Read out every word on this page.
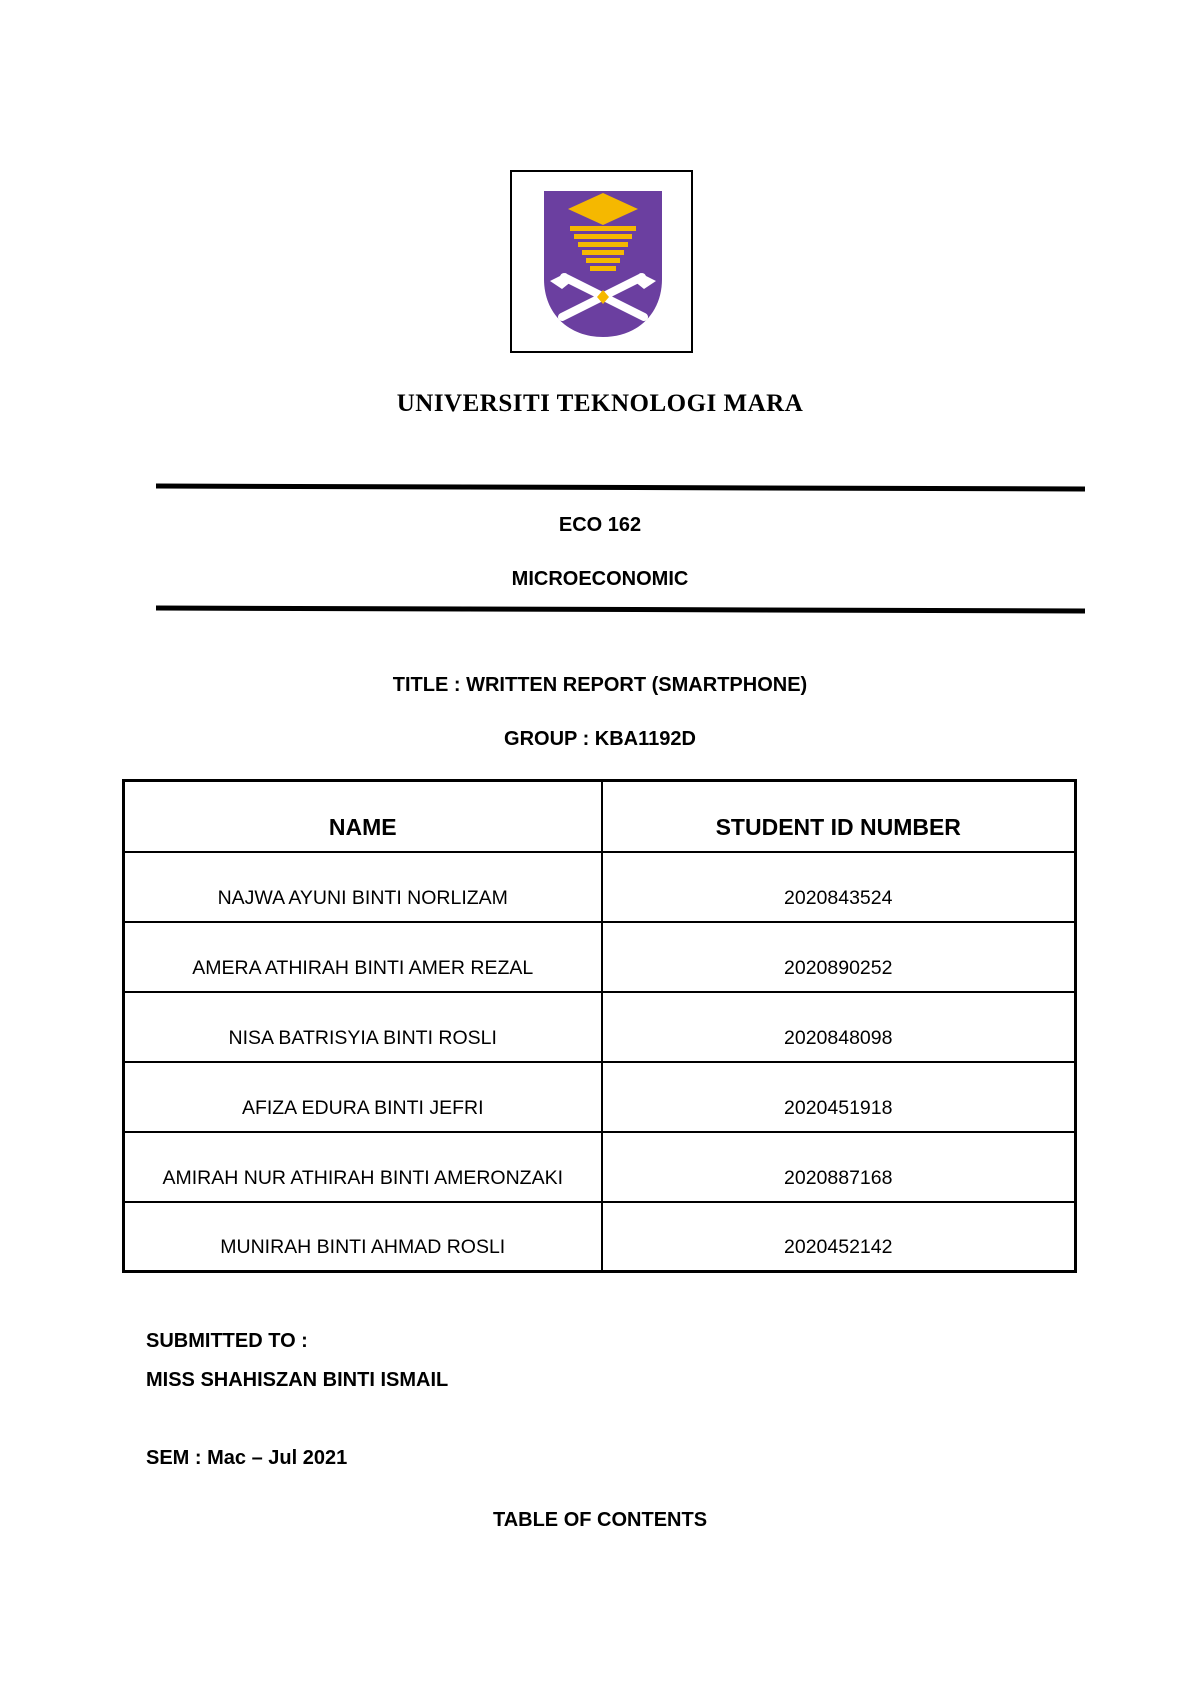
UNIVERSITI TEKNOLOGI MARA
ECO 162
MICROECONOMIC
TITLE : WRITTEN REPORT (SMARTPHONE)
GROUP : KBA1192D
NAME	STUDENT ID NUMBER
NAJWA AYUNI BINTI NORLIZAM	2020843524
AMERA ATHIRAH BINTI AMER REZAL	2020890252
NISA BATRISYIA BINTI ROSLI	2020848098
AFIZA EDURA BINTI JEFRI	2020451918
AMIRAH NUR ATHIRAH BINTI AMERONZAKI	2020887168
MUNIRAH BINTI AHMAD ROSLI	2020452142
SUBMITTED TO :
MISS SHAHISZAN BINTI ISMAIL
SEM : Mac – Jul 2021
TABLE OF CONTENTS
